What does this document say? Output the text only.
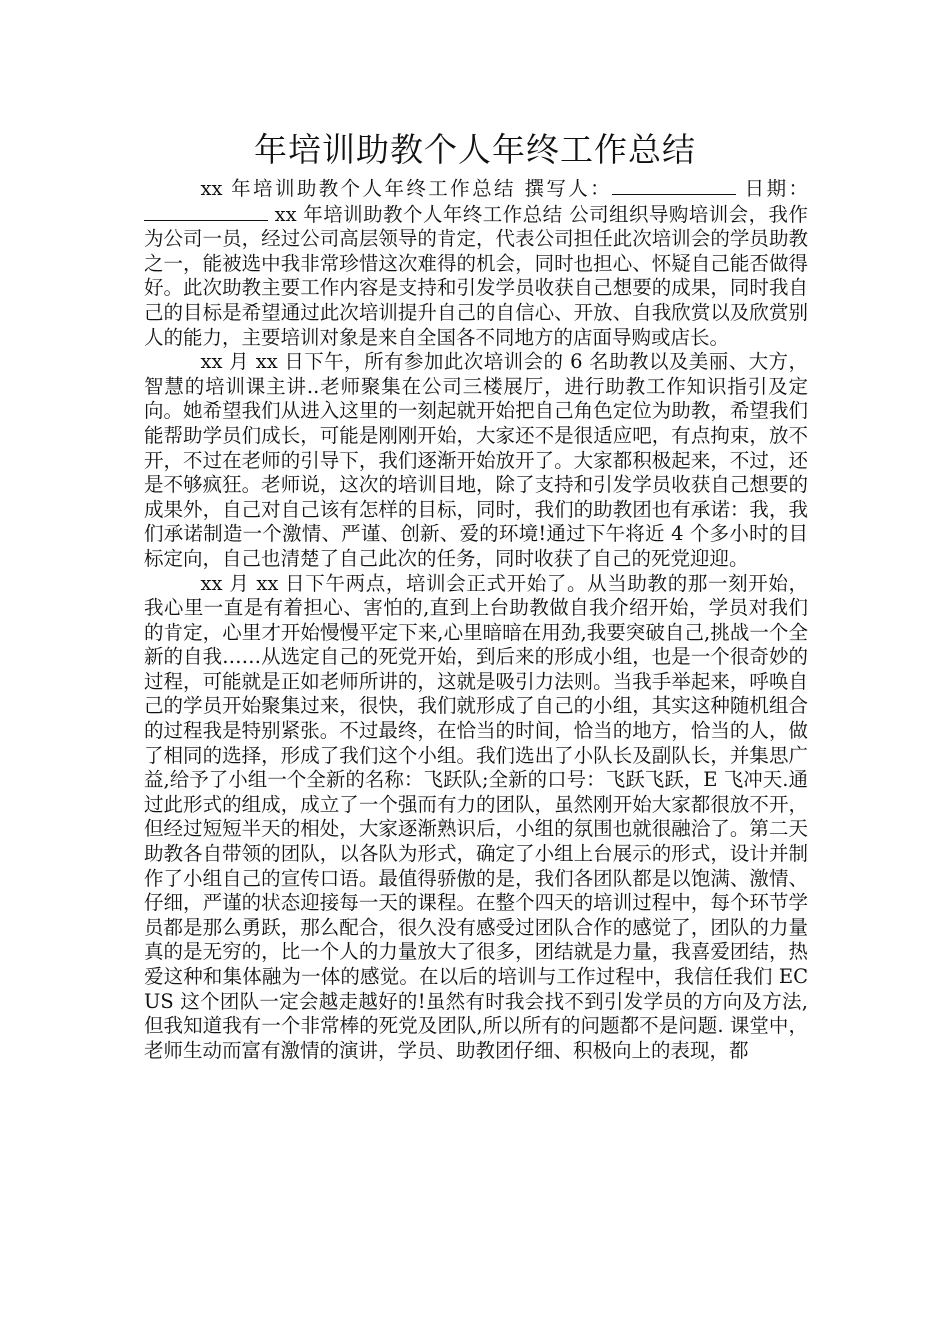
年培训助教个人年终工作总结

xx 年培训助教个人年终工作总结 撰写人：	日期： xx 年培训助教个人年终工作总结 公司组织导购培训会，我作为公司一员，经过公司高层领导的肯定，代表公司担任此次培训会的学员助教之一，能被选中我非常珍惜这次难得的机会，同时也担心、怀疑自己能否做得好。此次助教主要工作内容是支持和引发学员收获自己想要的成果，同时我自己的目标是希望通过此次培训提升自己的自信心、开放、自我欣赏以及欣赏别人的能力，主要培训对象是来自全国各不同地方的店面导购或店长。

xx 月 xx 日下午，所有参加此次培训会的 6 名助教以及美丽、大方，智慧的培训课主讲..老师聚集在公司三楼展厅，进行助教工作知识指引及定向。她希望我们从进入这里的一刻起就开始把自己角色定位为助教，希望我们能帮助学员们成长，可能是刚刚开始，大家还不是很适应吧，有点拘束，放不开，不过在老师的引导下，我们逐渐开始放开了。大家都积极起来，不过，还是不够疯狂。老师说，这次的培训目地，除了支持和引发学员收获自己想要的成果外，自己对自己该有怎样的目标，同时，我们的助教团也有承诺：我，我们承诺制造一个激情、严谨、创新、爱的环境!通过下午将近 4 个多小时的目标定向，自己也清楚了自己此次的任务，同时收获了自己的死党迎迎。

xx 月 xx 日下午两点，培训会正式开始了。从当助教的那一刻开始，我心里一直是有着担心、害怕的,直到上台助教做自我介绍开始，学员对我们的肯定，心里才开始慢慢平定下来,心里暗暗在用劲,我要突破自己,挑战一个全新的自我……从选定自己的死党开始，到后来的形成小组，也是一个很奇妙的过程，可能就是正如老师所讲的，这就是吸引力法则。当我手举起来，呼唤自己的学员开始聚集过来，很快，我们就形成了自己的小组，其实这种随机组合的过程我是特别紧张。不过最终，在恰当的时间，恰当的地方，恰当的人，做了相同的选择，形成了我们这个小组。我们选出了小队长及副队长，并集思广益,给予了小组一个全新的名称：飞跃队;全新的口号：飞跃飞跃，E 飞冲天.通过此形式的组成，成立了一个强而有力的团队，虽然刚开始大家都很放不开，但经过短短半天的相处，大家逐渐熟识后，小组的氛围也就很融洽了。第二天助教各自带领的团队，以各队为形式，确定了小组上台展示的形式，设计并制作了小组自己的宣传口语。最值得骄傲的是，我们各团队都是以饱满、激情、仔细，严谨的状态迎接每一天的课程。在整个四天的培训过程中，每个环节学员都是那么勇跃，那么配合，很久没有感受过团队合作的感觉了，团队的力量真的是无穷的，比一个人的力量放大了很多，团结就是力量，我喜爱团结，热爱这种和集体融为一体的感觉。在以后的培训与工作过程中，我信任我们 ECUS 这个团队一定会越走越好的!虽然有时我会找不到引发学员的方向及方法,但我知道我有一个非常棒的死党及团队,所以所有的问题都不是问题. 课堂中，老师生动而富有激情的演讲，学员、助教团仔细、积极向上的表现，都
